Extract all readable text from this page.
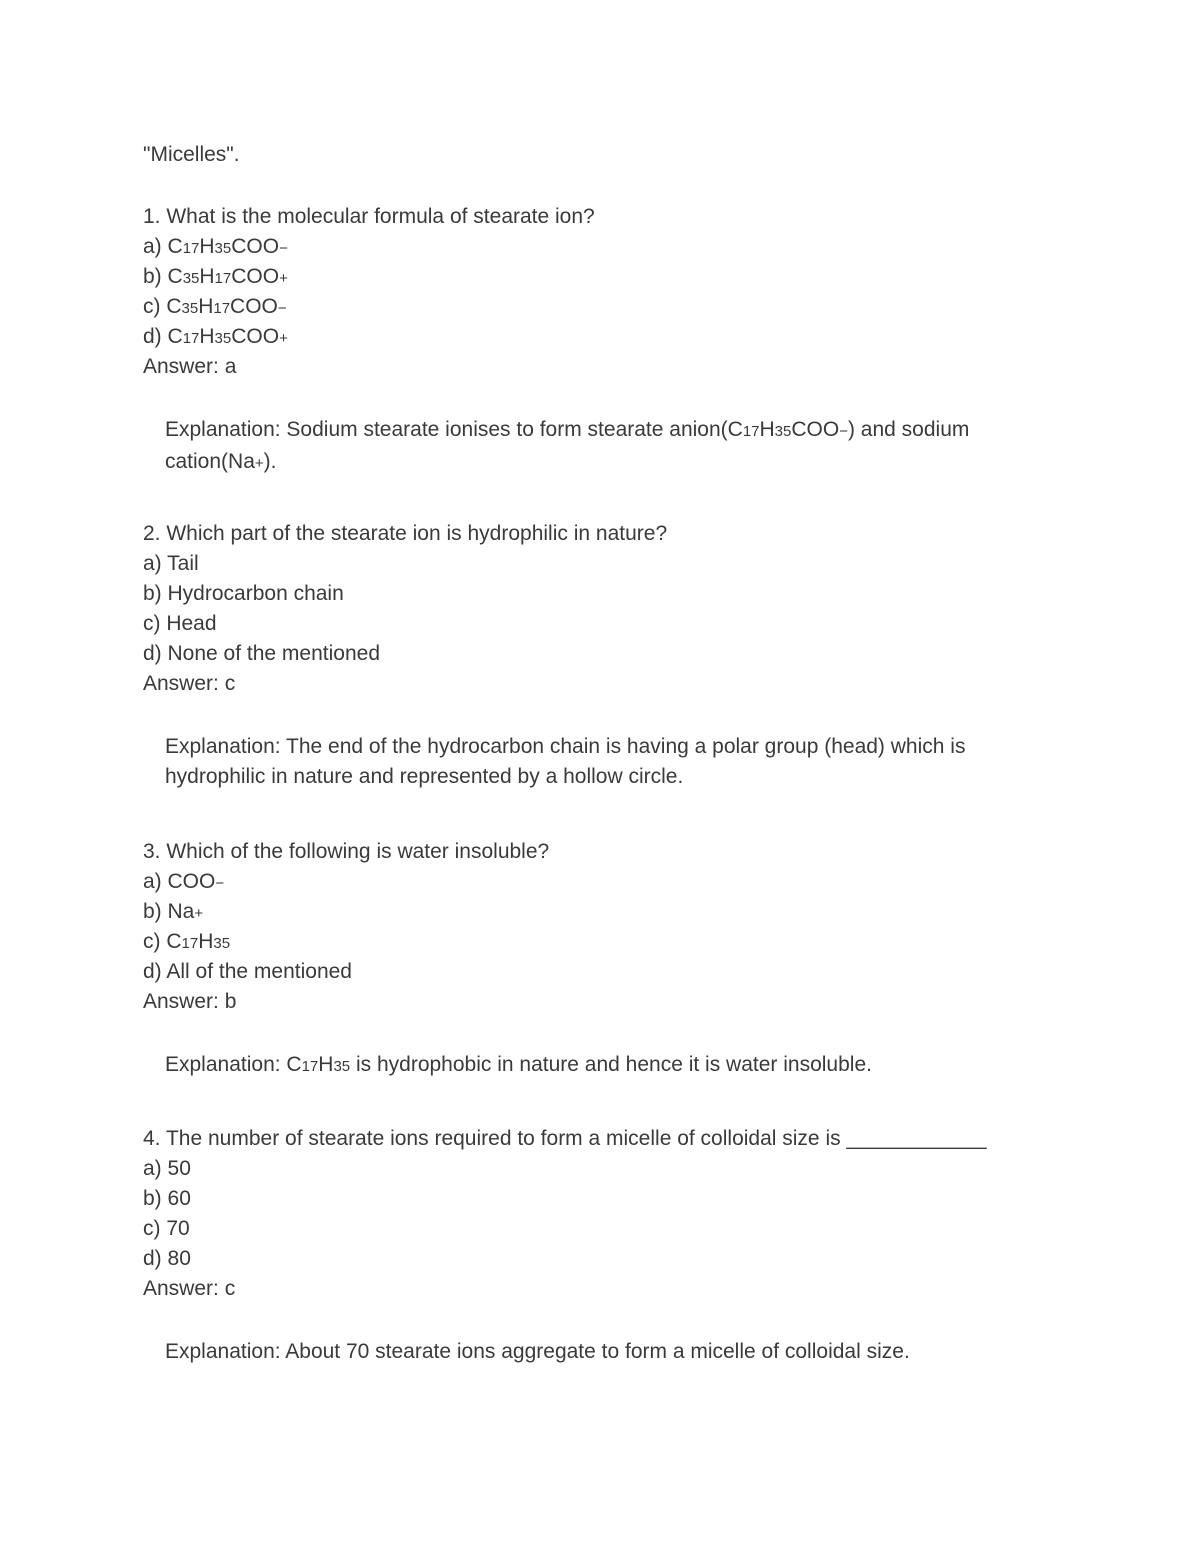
"Micelles".
1. What is the molecular formula of stearate ion?
a) C17H35COO−
b) C35H17COO+
c) C35H17COO−
d) C17H35COO+
Answer: a
Explanation: Sodium stearate ionises to form stearate anion(C17H35COO−) and sodium
cation(Na+).
2. Which part of the stearate ion is hydrophilic in nature?
a) Tail
b) Hydrocarbon chain
c) Head
d) None of the mentioned
Answer: c
Explanation: The end of the hydrocarbon chain is having a polar group (head) which is
hydrophilic in nature and represented by a hollow circle.
3. Which of the following is water insoluble?
a) COO−
b) Na+
c) C17H35
d) All of the mentioned
Answer: b
Explanation: C17H35 is hydrophobic in nature and hence it is water insoluble.
4. The number of stearate ions required to form a micelle of colloidal size is ____________
a) 50
b) 60
c) 70
d) 80
Answer: c
Explanation: About 70 stearate ions aggregate to form a micelle of colloidal size.
